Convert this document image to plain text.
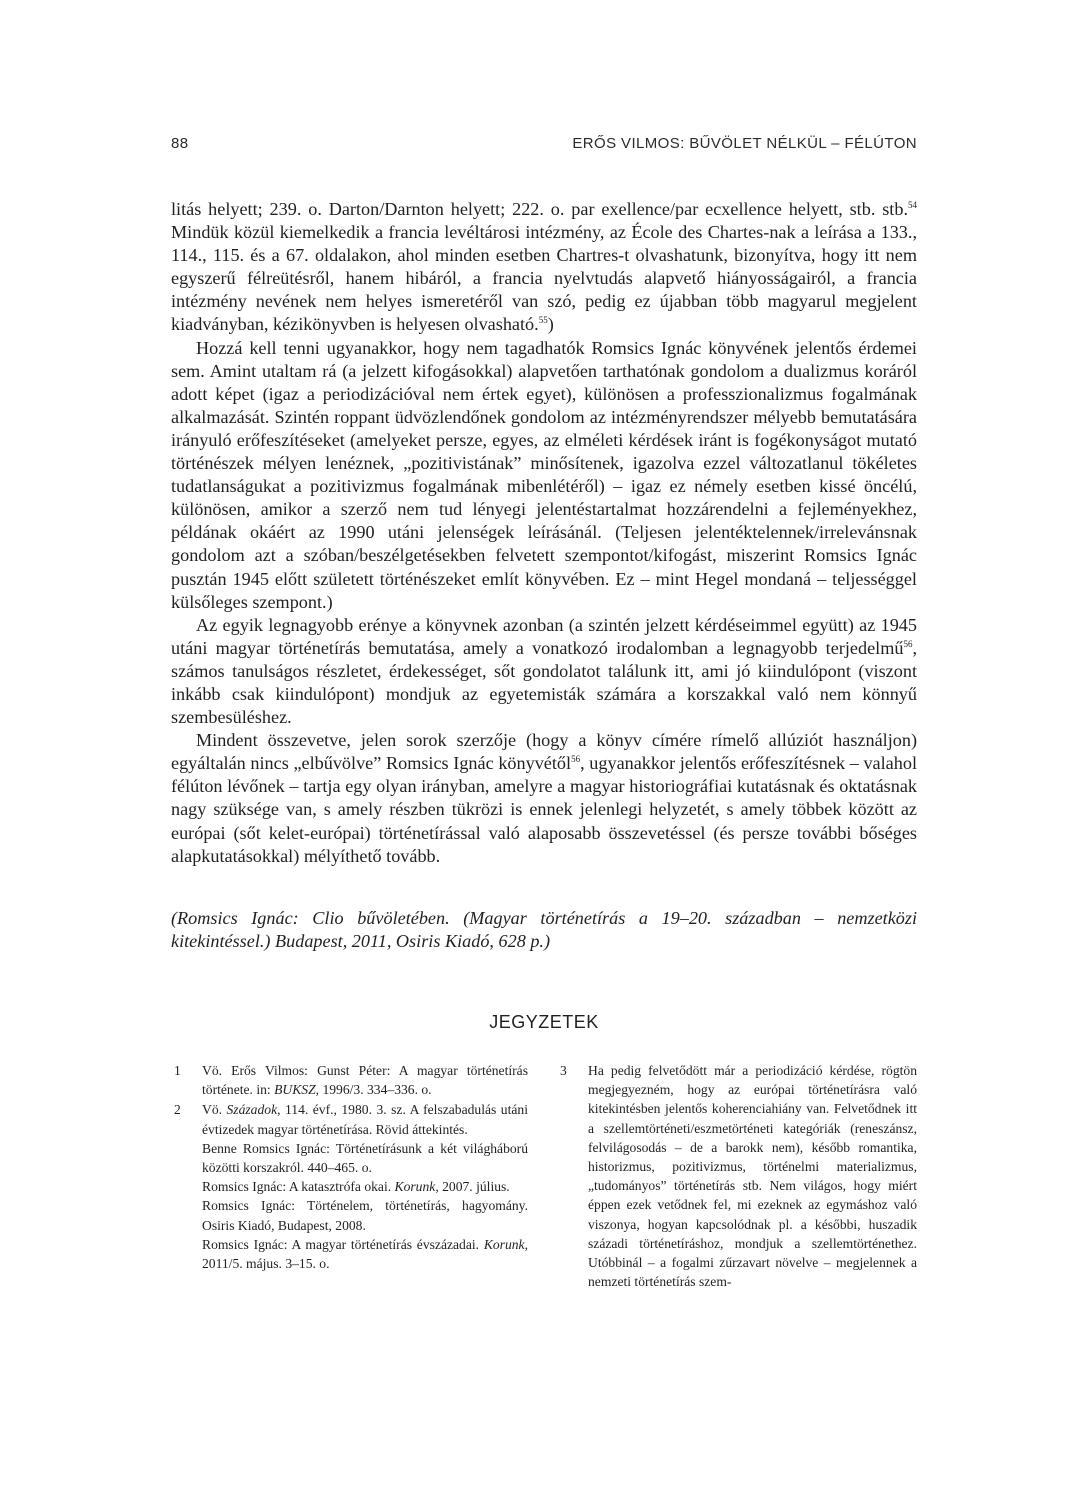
88	ERŐS VILMOS: BŰVÖLET NÉLKÜL – FÉLÚTON

litás helyett; 239. o. Darton/Darnton helyett; 222. o. par exellence/par ecxellence helyett, stb. stb.$^{54}$ Mindük közül kiemelkedik a francia levéltárosi intézmény, az École des Chartes-nak a leírása a 133., 114., 115. és a 67. oldalakon, ahol minden esetben Chartres-t olvashatunk, bizonyítva, hogy itt nem egyszerű félreütésről, hanem hibáról, a francia nyelvtudás alapvető hiányosságairól, a francia intézmény nevének nem helyes ismeretéről van szó, pedig ez újabban több magyarul megjelent kiadványban, kézikönyvben is helyesen olvasható.$^{55}$)

Hozzá kell tenni ugyanakkor, hogy nem tagadhatók Romsics Ignác könyvének jelentős érdemei sem. Amint utaltam rá (a jelzett kifogásokkal) alapvetően tarthatónak gondolom a dualizmus koráról adott képet (igaz a periodizációval nem értek egyet), különösen a professzionalizmus fogalmának alkalmazását. Szintén roppant üdvözlendőnek gondolom az intézményrendszer mélyebb bemutatására irányuló erőfeszítéseket (amelyeket persze, egyes, az elméleti kérdések iránt is fogékonyságot mutató történészek mélyen lenéznek, „pozitivistának” minősítenek, igazolva ezzel változatlanul tökéletes tudatlanságukat a pozitivizmus fogalmának mibenlétéről) – igaz ez némely esetben kissé öncélú, különösen, amikor a szerző nem tud lényegi jelentéstartalmat hozzárendelni a fejleményekhez, példának okáért az 1990 utáni jelenségek leírásánál. (Teljesen jelentéktelennek/irrelevánsnak gondolom azt a szóban/beszélgetésekben felvetett szempontot/kifogást, miszerint Romsics Ignác pusztán 1945 előtt született történészeket említ könyvében. Ez – mint Hegel mondaná – teljességgel külsőleges szempont.)

Az egyik legnagyobb erénye a könyvnek azonban (a szintén jelzett kérdéseimmel együtt) az 1945 utáni magyar történetírás bemutatása, amely a vonatkozó irodalomban a legnagyobb terjedelmű$^{56}$, számos tanulságos részletet, érdekességet, sőt gondolatot találunk itt, ami jó kiindulópont (viszont inkább csak kiindulópont) mondjuk az egyetemisták számára a korszakkal való nem könnyű szembesüléshez.

Mindent összevetve, jelen sorok szerzője (hogy a könyv címére rímelő allúziót használjon) egyáltalán nincs „elbűvölve” Romsics Ignác könyvétől$^{56}$, ugyanakkor jelentős erőfeszítésnek – valahol félúton lévőnek – tartja egy olyan irányban, amelyre a magyar historiográfiai kutatásnak és oktatásnak nagy szüksége van, s amely részben tükrözi is ennek jelenlegi helyzetét, s amely többek között az európai (sőt kelet-európai) történetírással való alaposabb összevetéssel (és persze további bőséges alapkutatásokkal) mélyíthető tovább.

(Romsics Ignác: Clio bűvöletében. (Magyar történetírás a 19–20. században – nemzetközi kitekintéssel.) Budapest, 2011, Osiris Kiadó, 628 p.)
JEGYZETEK
1 Vö. Erős Vilmos: Gunst Péter: A magyar történetírás története. in: BUKSZ, 1996/3. 334–336. o.
2 Vö. Századok, 114. évf., 1980. 3. sz. A felszabadulás utáni évtizedek magyar történetírása. Rövid áttekintés.
Benne Romsics Ignác: Történetírásunk a két világháború közötti korszakról. 440–465. o.
Romsics Ignác: A katasztrófa okai. Korunk, 2007. július.
Romsics Ignác: Történelem, történetírás, hagyomány. Osiris Kiadó, Budapest, 2008.
Romsics Ignác: A magyar történetírás évszázadai. Korunk, 2011/5. május. 3–15. o.
3 Ha pedig felvetődött már a periodizáció kérdése, rögtön megjegyezném, hogy az európai történetírásra való kitekintésben jelentős koherenciahiány van. Felvetődnek itt a szellemtörténeti/eszmetörténeti kategóriák (reneszánsz, felvilágosodás – de a barokk nem), később romantika, historizmus, pozitivizmus, történelmi materializmus, „tudományos” történetírás stb. Nem világos, hogy miért éppen ezek vetődnek fel, mi ezeknek az egymáshoz való viszonya, hogyan kapcsolódnak pl. a későbbi, huszadik századi történetíráshoz, mondjuk a szellemtörténethez. Utóbbinál – a fogalmi zűrzavart növelve – megjelennek a nemzeti történetírás szem-
